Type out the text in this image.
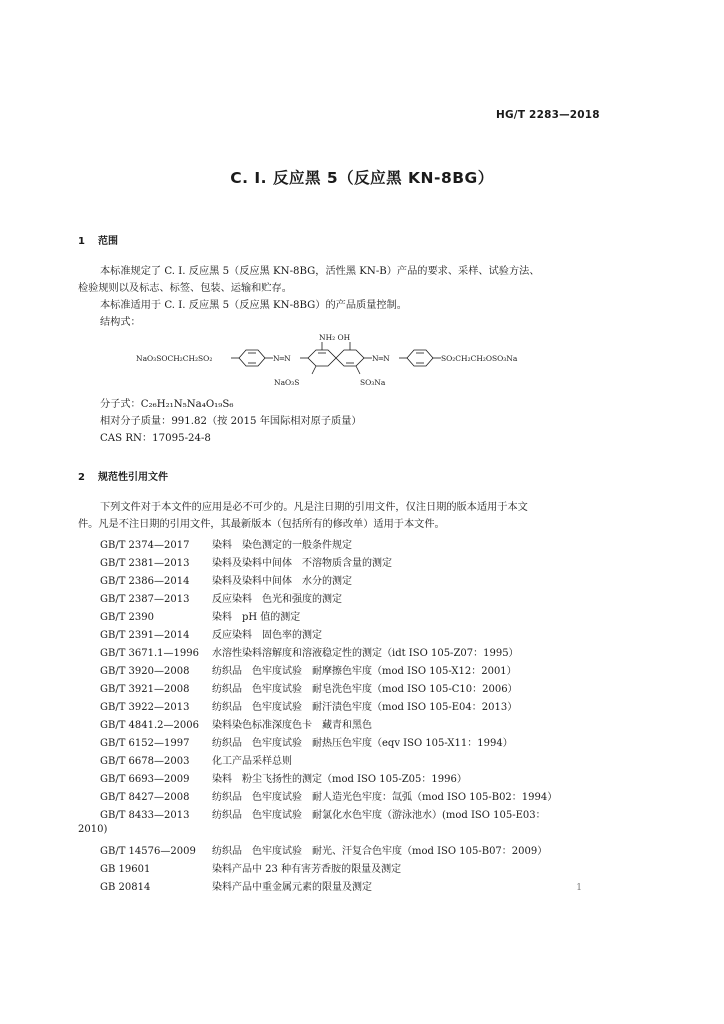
HG/T 2283—2018
C. I. 反应黑 5（反应黑 KN-8BG）
1 范围
本标准规定了 C. I. 反应黑 5（反应黑 KN-8BG，活性黑 KN-B）产品的要求、采样、试验方法、
检验规则以及标志、标签、包装、运输和贮存。
本标准适用于 C. I. 反应黑 5（反应黑 KN-8BG）的产品质量控制。
结构式：
NaO₃SOCH₂CH₂SO₂	N═N
NH₂ OH
NaO₃S	SO₃Na
N═N	SO₂CH₂CH₂OSO₃Na
分子式：C₂₆H₂₁N₅Na₄O₁₉S₆
相对分子质量：991.82（按 2015 年国际相对原子质量）
CAS RN：17095-24-8
2 规范性引用文件
下列文件对于本文件的应用是必不可少的。凡是注日期的引用文件，仅注日期的版本适用于本文
件。凡是不注日期的引用文件，其最新版本（包括所有的修改单）适用于本文件。
GB/T 2374—2017 染料　染色测定的一般条件规定
GB/T 2381—2013 染料及染料中间体　不溶物质含量的测定
GB/T 2386—2014 染料及染料中间体　水分的测定
GB/T 2387—2013 反应染料　色光和强度的测定
GB/T 2390	染料　pH 值的测定
GB/T 2391—2014 反应染料　固色率的测定
GB/T 3671.1—1996 水溶性染料溶解度和溶液稳定性的测定（idt ISO 105-Z07：1995）
GB/T 3920—2008 纺织品　色牢度试验　耐摩擦色牢度（mod ISO 105-X12：2001）
GB/T 3921—2008 纺织品　色牢度试验　耐皂洗色牢度（mod ISO 105-C10：2006）
GB/T 3922—2013 纺织品　色牢度试验　耐汗渍色牢度（mod ISO 105-E04：2013）
GB/T 4841.2—2006 染料染色标准深度色卡　藏青和黑色
GB/T 6152—1997 纺织品　色牢度试验　耐热压色牢度（eqv ISO 105-X11：1994）
GB/T 6678—2003 化工产品采样总则
GB/T 6693—2009 染料　粉尘飞扬性的测定（mod ISO 105-Z05：1996）
GB/T 8427—2008 纺织品　色牢度试验　耐人造光色牢度：氙弧（mod ISO 105-B02：1994）
GB/T 8433—2013 纺织品　色牢度试验　耐氯化水色牢度（游泳池水）(mod ISO 105-E03：
2010)
GB/T 14576—2009 纺织品　色牢度试验　耐光、汗复合色牢度（mod ISO 105-B07：2009）
GB 19601	染料产品中 23 种有害芳香胺的限量及测定
GB 20814	染料产品中重金属元素的限量及测定	1
